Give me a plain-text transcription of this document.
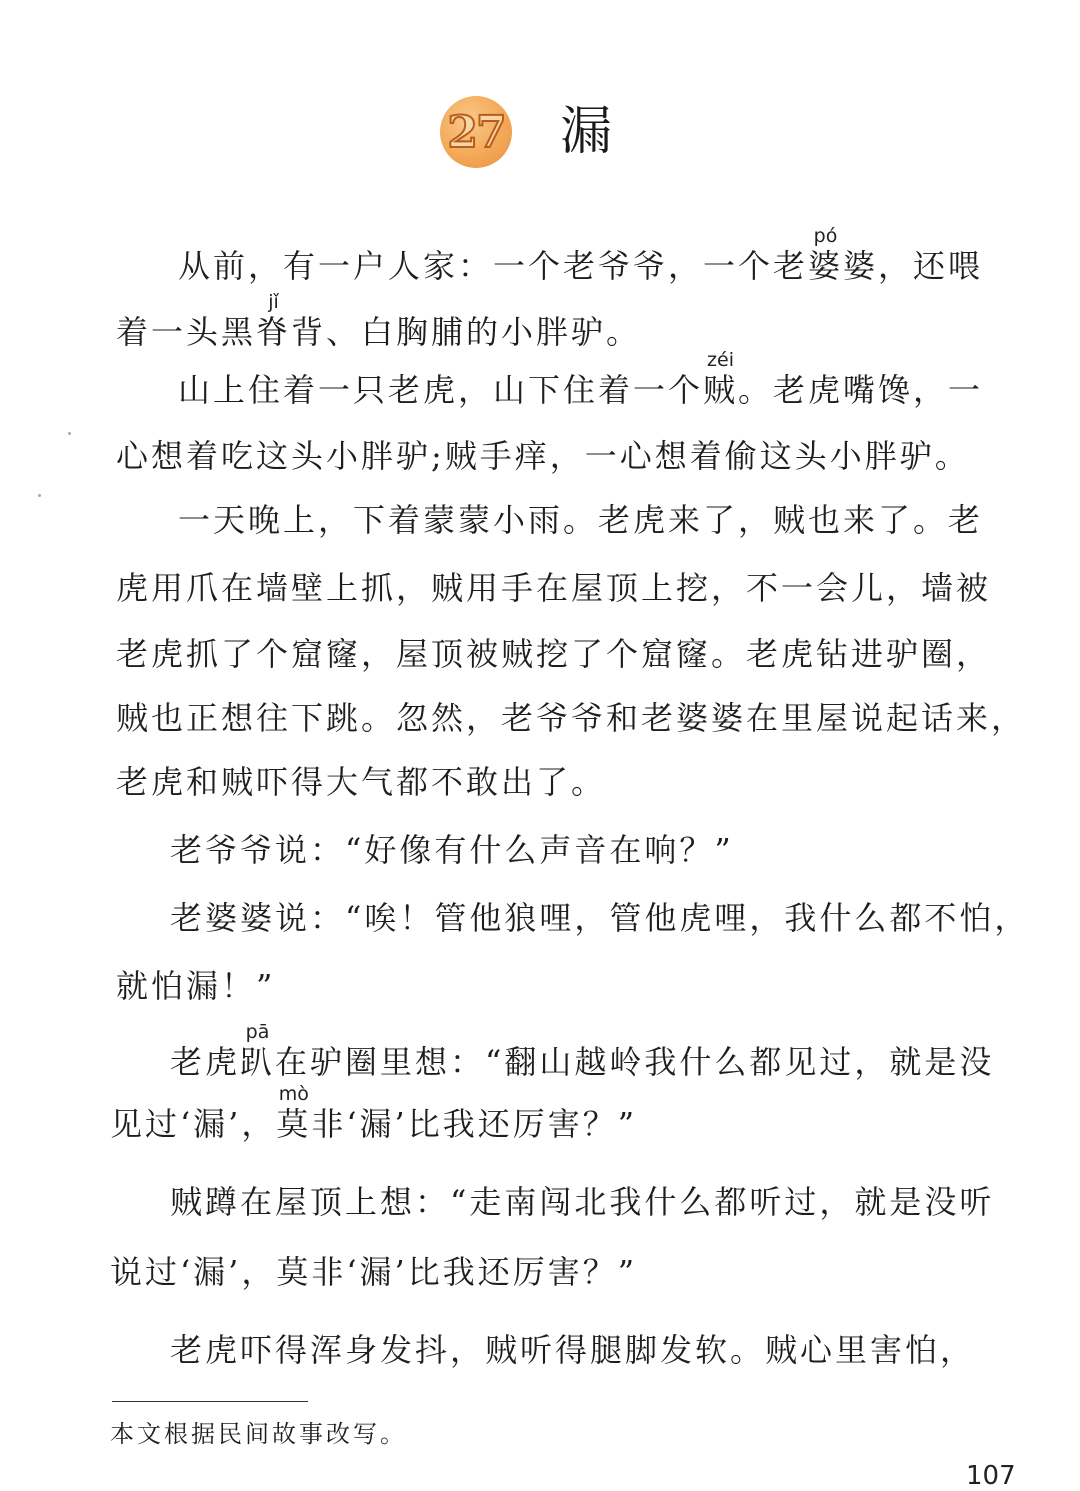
27 漏
从前，有一户人家：一个老爷爷，一个老
pó
婆婆，还喂
着一头黑
jǐ
脊背、白胸脯的小胖驴。
山上住着一只老虎，山下住着一个
zéi
贼。老虎嘴馋，一
心想着吃这头小胖驴;贼手痒，一心想着偷这头小胖驴。
一天晚上，下着蒙蒙小雨。老虎来了，贼也来了。老
虎用爪在墙壁上抓，贼用手在屋顶上挖，不一会儿，墙被
老虎抓了个窟窿，屋顶被贼挖了个窟窿。老虎钻进驴圈，
贼也正想往下跳。忽然，老爷爷和老婆婆在里屋说起话来，
老虎和贼吓得大气都不敢出了。
老爷爷说：“好像有什么声音在响？”
老婆婆说：“唉！管他狼哩，管他虎哩，我什么都不怕，
就怕漏！”
老虎
pā
趴在驴圈里想：“翻山越岭我什么都见过，就是没
见过‘漏’，
mò
莫非‘漏’比我还厉害？”
贼蹲在屋顶上想：“走南闯北我什么都听过，就是没听
说过‘漏’，莫非‘漏’比我还厉害？”
老虎吓得浑身发抖，贼听得腿脚发软。贼心里害怕，
本文根据民间故事改写。
107
